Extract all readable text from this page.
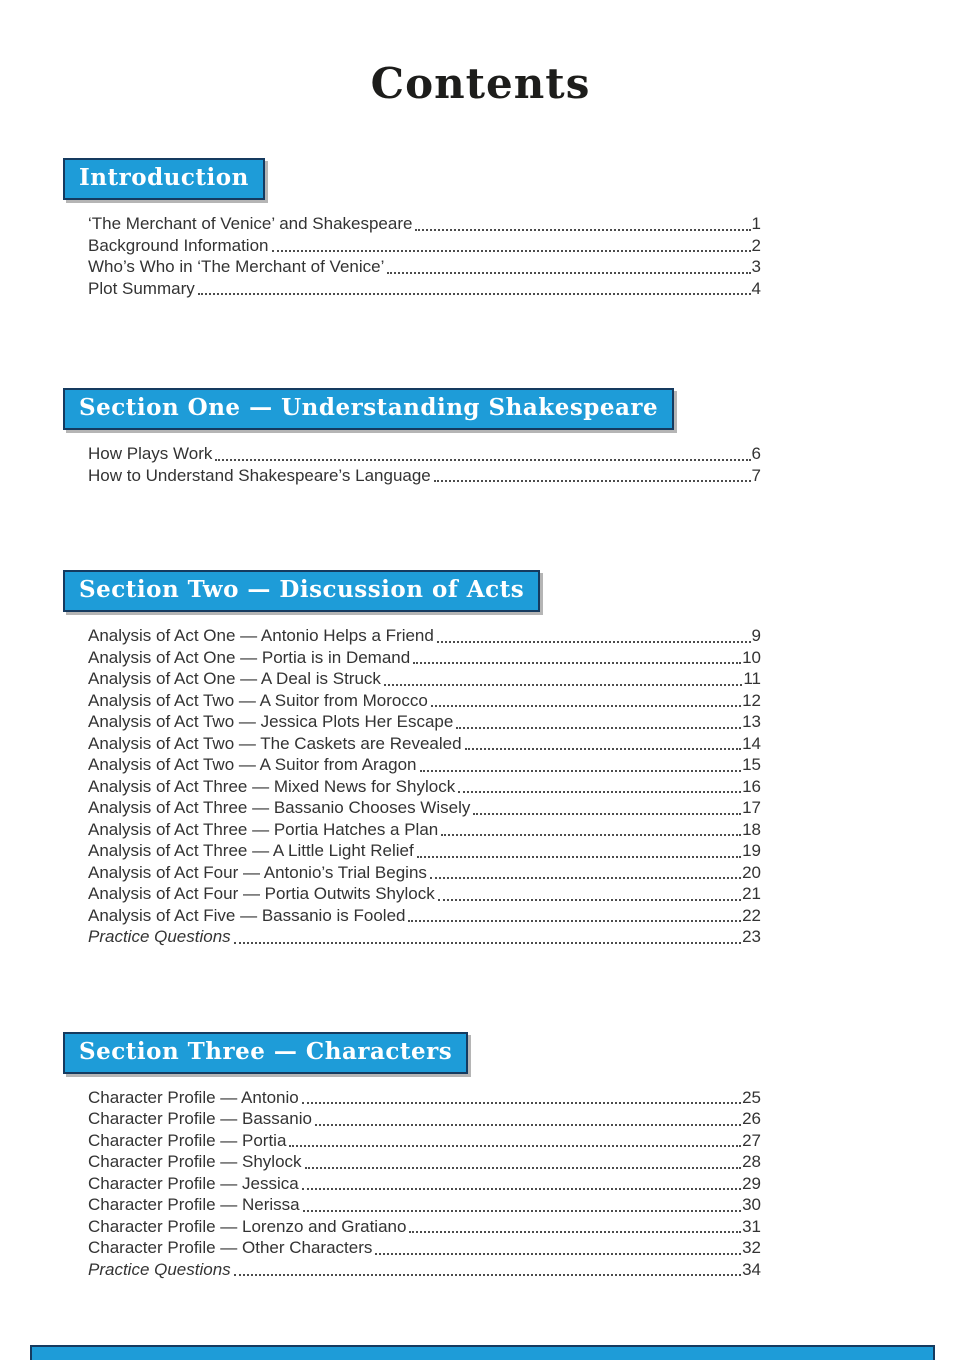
Contents
Introduction
‘The Merchant of Venice’ and Shakespeare	1
Background Information	2
Who’s Who in ‘The Merchant of Venice’	3
Plot Summary	4
Section One — Understanding Shakespeare
How Plays Work	6
How to Understand Shakespeare’s Language	7
Section Two — Discussion of Acts
Analysis of Act One — Antonio Helps a Friend	9
Analysis of Act One — Portia is in Demand	10
Analysis of Act One — A Deal is Struck	11
Analysis of Act Two — A Suitor from Morocco	12
Analysis of Act Two — Jessica Plots Her Escape	13
Analysis of Act Two — The Caskets are Revealed	14
Analysis of Act Two — A Suitor from Aragon	15
Analysis of Act Three — Mixed News for Shylock	16
Analysis of Act Three — Bassanio Chooses Wisely	17
Analysis of Act Three — Portia Hatches a Plan	18
Analysis of Act Three — A Little Light Relief	19
Analysis of Act Four — Antonio’s Trial Begins	20
Analysis of Act Four — Portia Outwits Shylock	21
Analysis of Act Five — Bassanio is Fooled	22
Practice Questions	23
Section Three — Characters
Character Profile — Antonio	25
Character Profile — Bassanio	26
Character Profile — Portia	27
Character Profile — Shylock	28
Character Profile — Jessica	29
Character Profile — Nerissa	30
Character Profile — Lorenzo and Gratiano	31
Character Profile — Other Characters	32
Practice Questions	34
